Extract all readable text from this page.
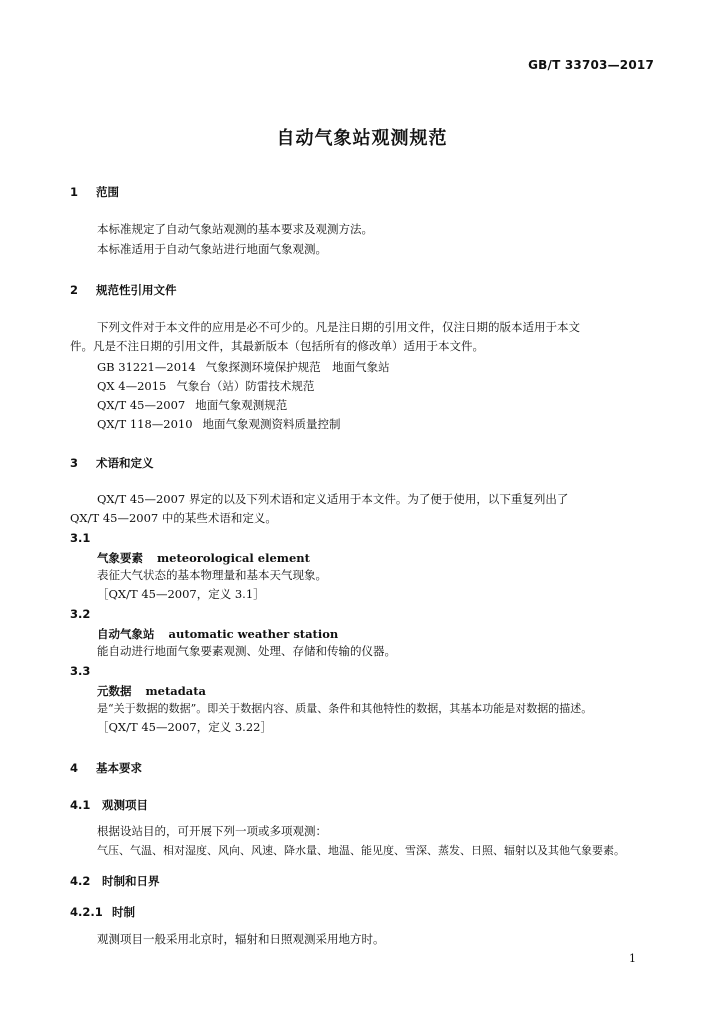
GB/T 33703—2017
自动气象站观测规范
1 范围
本标准规定了自动气象站观测的基本要求及观测方法。
本标准适用于自动气象站进行地面气象观测。
2 规范性引用文件
下列文件对于本文件的应用是必不可少的。凡是注日期的引用文件，仅注日期的版本适用于本文
件。凡是不注日期的引用文件，其最新版本（包括所有的修改单）适用于本文件。
GB 31221—2014 气象探测环境保护规范　地面气象站
QX 4—2015 气象台（站）防雷技术规范
QX/T 45—2007 地面气象观测规范
QX/T 118—2010 地面气象观测资料质量控制
3 术语和定义
QX/T 45—2007 界定的以及下列术语和定义适用于本文件。为了便于使用，以下重复列出了
QX/T 45—2007 中的某些术语和定义。
3.1
气象要素 meteorological element
表征大气状态的基本物理量和基本天气现象。
［QX/T 45—2007，定义 3.1］
3.2
自动气象站 automatic weather station
能自动进行地面气象要素观测、处理、存储和传输的仪器。
3.3
元数据 metadata
是“关于数据的数据”。即关于数据内容、质量、条件和其他特性的数据，其基本功能是对数据的描述。
［QX/T 45—2007，定义 3.22］
4 基本要求
4.1 观测项目
根据设站目的，可开展下列一项或多项观测：
气压、气温、相对湿度、风向、风速、降水量、地温、能见度、雪深、蒸发、日照、辐射以及其他气象要素。
4.2 时制和日界
4.2.1 时制
观测项目一般采用北京时，辐射和日照观测采用地方时。
1
